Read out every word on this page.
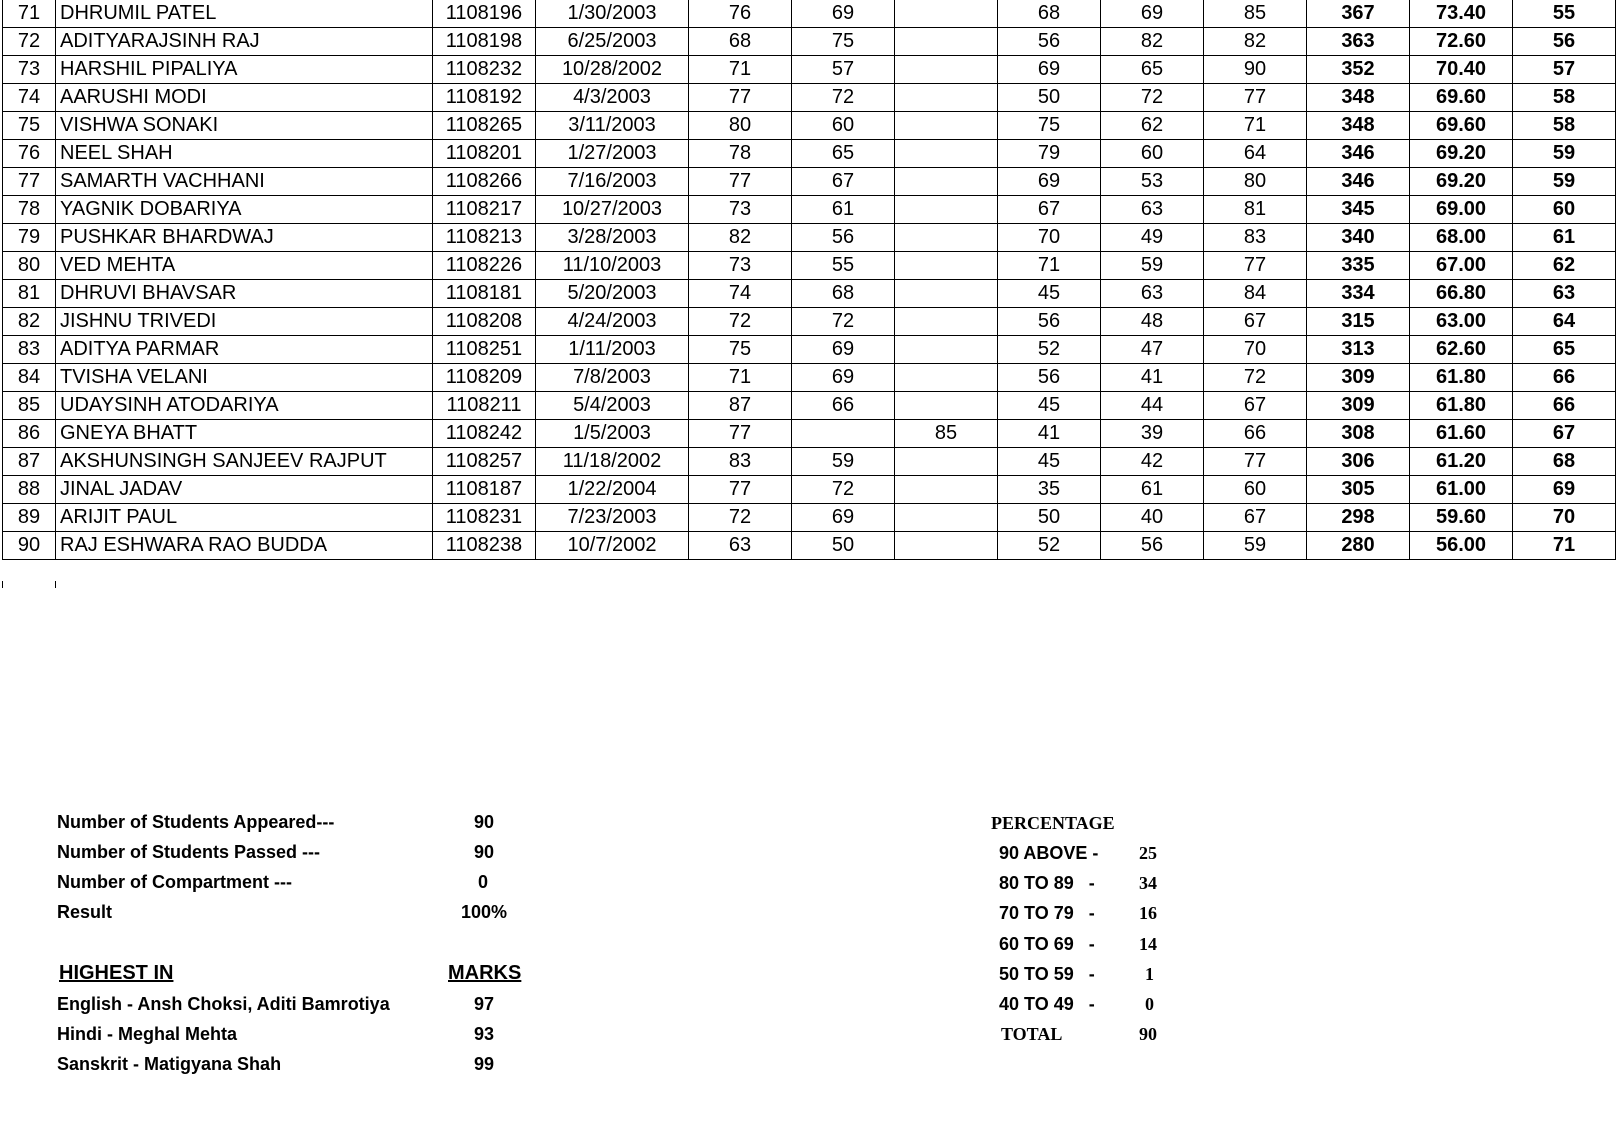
71	DHRUMIL PATEL	1108196	1/30/2003	76	69		68	69	85	367	73.40	55
72	ADITYARAJSINH RAJ	1108198	6/25/2003	68	75		56	82	82	363	72.60	56
73	HARSHIL PIPALIYA	1108232	10/28/2002	71	57		69	65	90	352	70.40	57
74	AARUSHI MODI	1108192	4/3/2003	77	72		50	72	77	348	69.60	58
75	VISHWA SONAKI	1108265	3/11/2003	80	60		75	62	71	348	69.60	58
76	NEEL SHAH	1108201	1/27/2003	78	65		79	60	64	346	69.20	59
77	SAMARTH VACHHANI	1108266	7/16/2003	77	67		69	53	80	346	69.20	59
78	YAGNIK DOBARIYA	1108217	10/27/2003	73	61		67	63	81	345	69.00	60
79	PUSHKAR BHARDWAJ	1108213	3/28/2003	82	56		70	49	83	340	68.00	61
80	VED MEHTA	1108226	11/10/2003	73	55		71	59	77	335	67.00	62
81	DHRUVI BHAVSAR	1108181	5/20/2003	74	68		45	63	84	334	66.80	63
82	JISHNU TRIVEDI	1108208	4/24/2003	72	72		56	48	67	315	63.00	64
83	ADITYA PARMAR	1108251	1/11/2003	75	69		52	47	70	313	62.60	65
84	TVISHA VELANI	1108209	7/8/2003	71	69		56	41	72	309	61.80	66
85	UDAYSINH ATODARIYA	1108211	5/4/2003	87	66		45	44	67	309	61.80	66
86	GNEYA BHATT	1108242	1/5/2003	77		85	41	39	66	308	61.60	67
87	AKSHUNSINGH SANJEEV RAJPUT	1108257	11/18/2002	83	59		45	42	77	306	61.20	68
88	JINAL JADAV	1108187	1/22/2004	77	72		35	61	60	305	61.00	69
89	ARIJIT PAUL	1108231	7/23/2003	72	69		50	40	67	298	59.60	70
90	RAJ ESHWARA RAO BUDDA	1108238	10/7/2002	63	50		52	56	59	280	56.00	71
Number of Students Appeared---	90
Number of Students Passed ---	90
Number of Compartment ---	0
Result	100%
HIGHEST IN	MARKS
English - Ansh Choksi, Aditi Bamrotiya	97
Hindi - Meghal Mehta	93
Sanskrit - Matigyana Shah	99
PERCENTAGE
90 ABOVE - 25
80 TO 89   - 34
70 TO 79   - 16
60 TO 69   - 14
50 TO 59   -	1
40 TO 49   -	0
TOTAL	90
